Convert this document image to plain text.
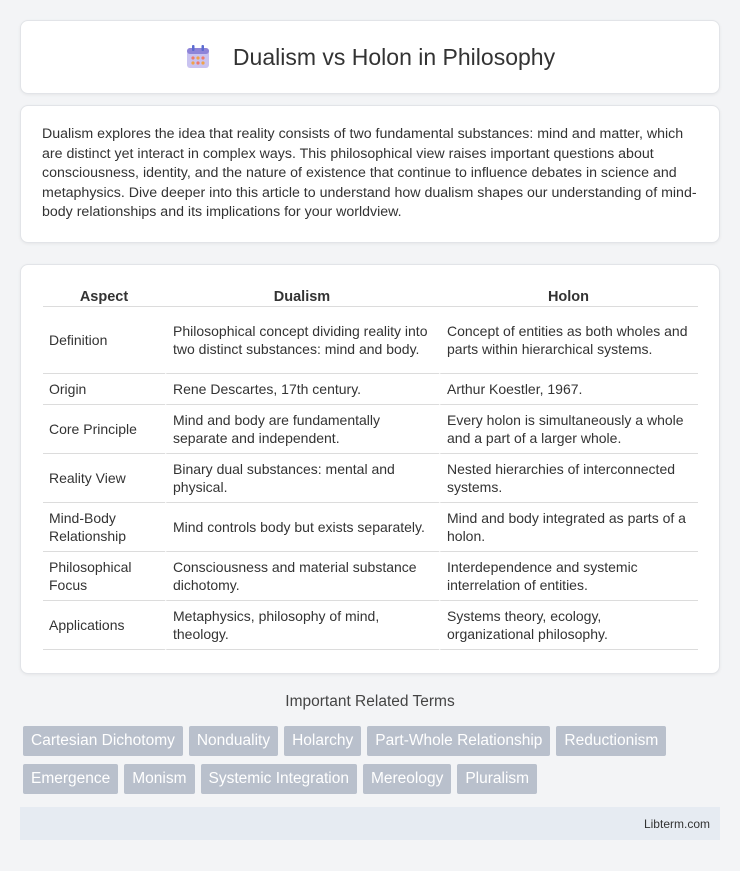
Dualism vs Holon in Philosophy

Dualism explores the idea that reality consists of two fundamental substances: mind and matter, which are distinct yet interact in complex ways. This philosophical view raises important questions about consciousness, identity, and the nature of existence that continue to influence debates in science and metaphysics. Dive deeper into this article to understand how dualism shapes our understanding of mind-body relationships and its implications for your worldview.

Aspect	Dualism	Holon
Definition	Philosophical concept dividing reality into two distinct substances: mind and body.	Concept of entities as both wholes and parts within hierarchical systems.
Origin	Rene Descartes, 17th century.	Arthur Koestler, 1967.
Core Principle	Mind and body are fundamentally separate and independent.	Every holon is simultaneously a whole and a part of a larger whole.
Reality View	Binary dual substances: mental and physical.	Nested hierarchies of interconnected systems.
Mind-Body Relationship	Mind controls body but exists separately.	Mind and body integrated as parts of a holon.
Philosophical Focus	Consciousness and material substance dichotomy.	Interdependence and systemic interrelation of entities.
Applications	Metaphysics, philosophy of mind, theology.	Systems theory, ecology, organizational philosophy.
Important Related Terms
Cartesian Dichotomy	Nonduality	Holarchy	Part-Whole Relationship	Reductionism
Emergence	Monism	Systemic Integration	Mereology	Pluralism
Libterm.com
